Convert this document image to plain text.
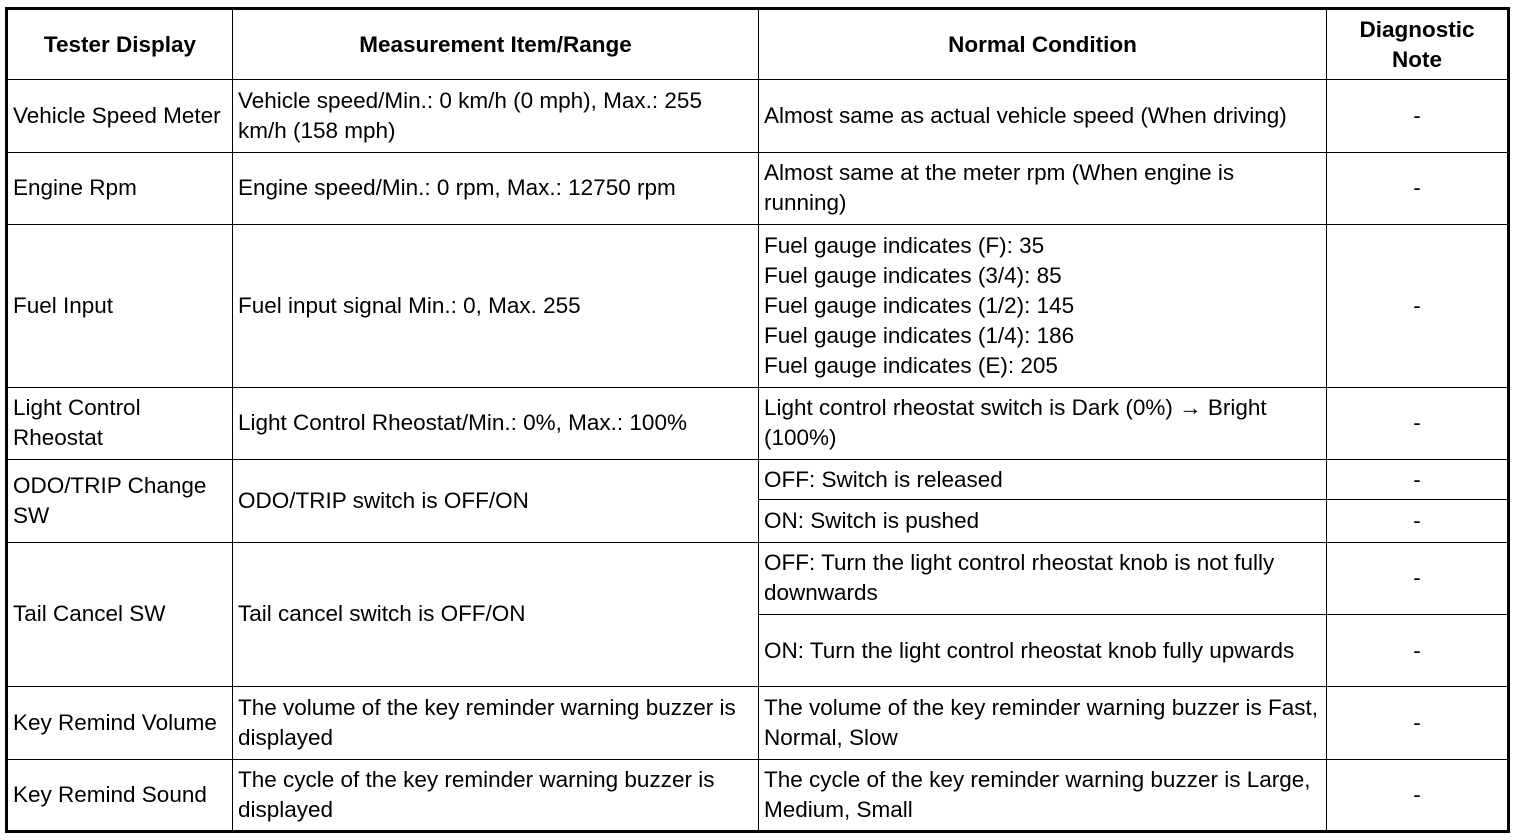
Tester Display	Measurement Item/Range	Normal Condition	Diagnostic Note
Vehicle Speed Meter	Vehicle speed/Min.: 0 km/h (0 mph), Max.: 255 km/h (158 mph)	Almost same as actual vehicle speed (When driving)	-
Engine Rpm	Engine speed/Min.: 0 rpm, Max.: 12750 rpm	Almost same at the meter rpm (When engine is running)	-
Fuel Input	Fuel input signal Min.: 0, Max. 255	Fuel gauge indicates (F): 35
Fuel gauge indicates (3/4): 85
Fuel gauge indicates (1/2): 145
Fuel gauge indicates (1/4): 186
Fuel gauge indicates (E): 205	-
Light Control Rheostat	Light Control Rheostat/Min.: 0%, Max.: 100%	Light control rheostat switch is Dark (0%) → Bright (100%)	-
ODO/TRIP Change SW	ODO/TRIP switch is OFF/ON	OFF: Switch is released	-
		ON: Switch is pushed	-
Tail Cancel SW	Tail cancel switch is OFF/ON	OFF: Turn the light control rheostat knob is not fully downwards	-
		ON: Turn the light control rheostat knob fully upwards	-
Key Remind Volume	The volume of the key reminder warning buzzer is displayed	The volume of the key reminder warning buzzer is Fast, Normal, Slow	-
Key Remind Sound	The cycle of the key reminder warning buzzer is displayed	The cycle of the key reminder warning buzzer is Large, Medium, Small	-
